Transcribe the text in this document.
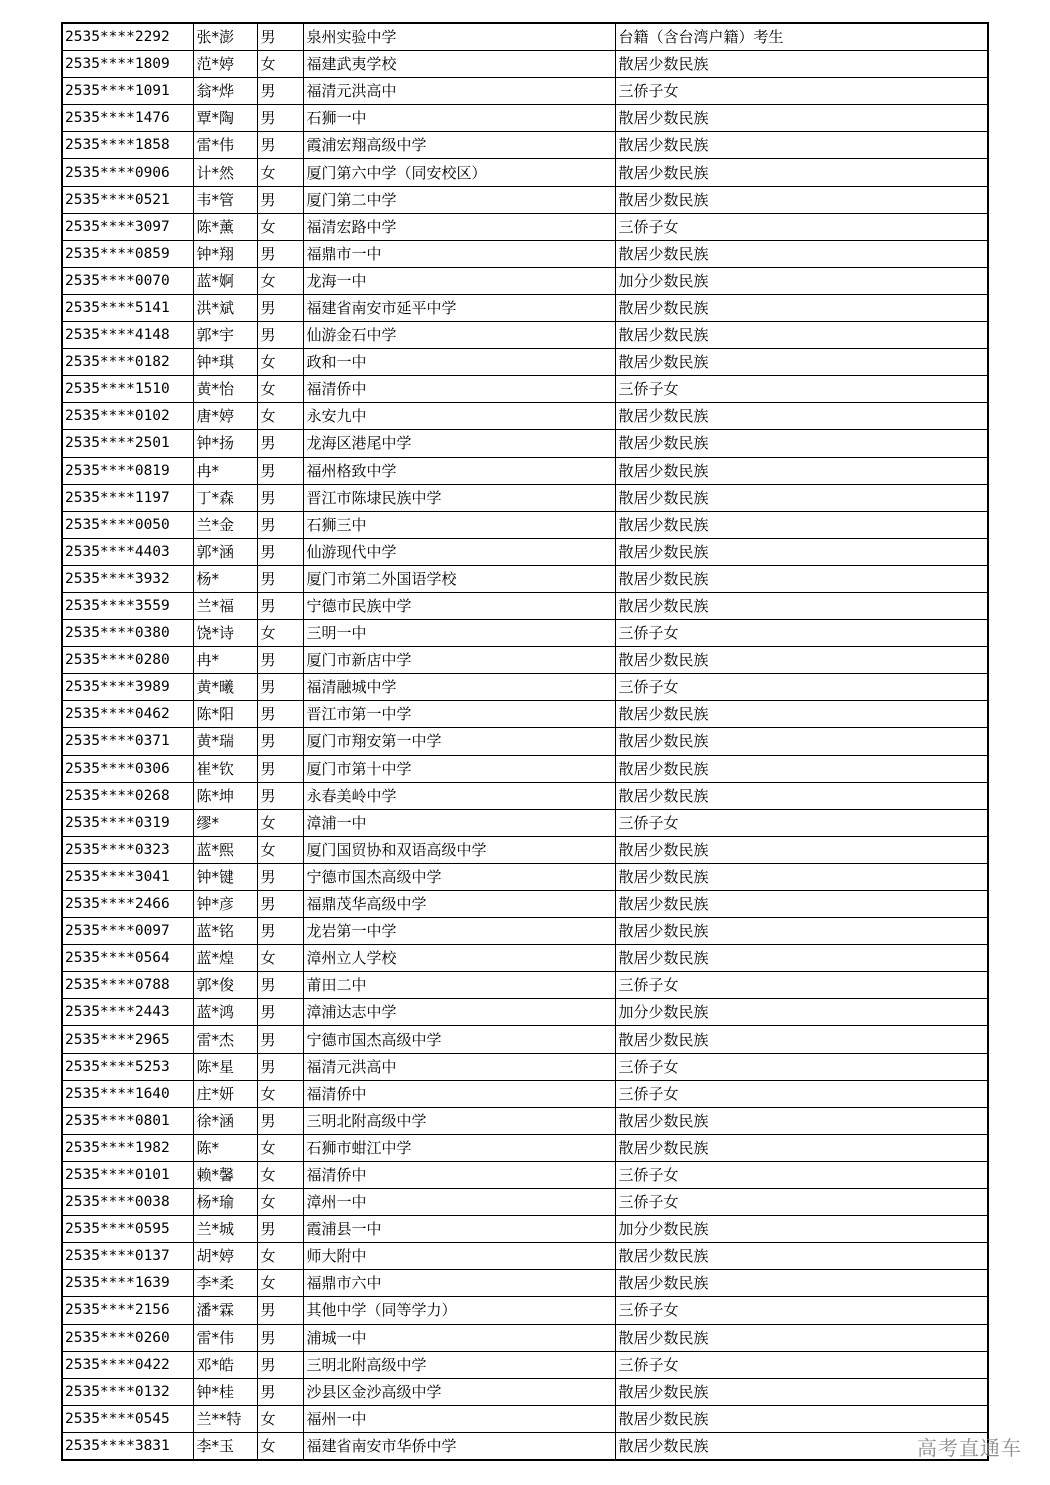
2535****2292	张*澎	男	泉州实验中学	台籍（含台湾户籍）考生
2535****1809	范*婷	女	福建武夷学校	散居少数民族
2535****1091	翁*烨	男	福清元洪高中	三侨子女
2535****1476	覃*陶	男	石狮一中	散居少数民族
2535****1858	雷*伟	男	霞浦宏翔高级中学	散居少数民族
2535****0906	计*然	女	厦门第六中学（同安校区）	散居少数民族
2535****0521	韦*管	男	厦门第二中学	散居少数民族
2535****3097	陈*薰	女	福清宏路中学	三侨子女
2535****0859	钟*翔	男	福鼎市一中	散居少数民族
2535****0070	蓝*婀	女	龙海一中	加分少数民族
2535****5141	洪*斌	男	福建省南安市延平中学	散居少数民族
2535****4148	郭*宇	男	仙游金石中学	散居少数民族
2535****0182	钟*琪	女	政和一中	散居少数民族
2535****1510	黄*怡	女	福清侨中	三侨子女
2535****0102	唐*婷	女	永安九中	散居少数民族
2535****2501	钟*扬	男	龙海区港尾中学	散居少数民族
2535****0819	冉*	男	福州格致中学	散居少数民族
2535****1197	丁*森	男	晋江市陈埭民族中学	散居少数民族
2535****0050	兰*金	男	石狮三中	散居少数民族
2535****4403	郭*涵	男	仙游现代中学	散居少数民族
2535****3932	杨*	男	厦门市第二外国语学校	散居少数民族
2535****3559	兰*福	男	宁德市民族中学	散居少数民族
2535****0380	饶*诗	女	三明一中	三侨子女
2535****0280	冉*	男	厦门市新店中学	散居少数民族
2535****3989	黄*曦	男	福清融城中学	三侨子女
2535****0462	陈*阳	男	晋江市第一中学	散居少数民族
2535****0371	黄*瑞	男	厦门市翔安第一中学	散居少数民族
2535****0306	崔*钦	男	厦门市第十中学	散居少数民族
2535****0268	陈*坤	男	永春美岭中学	散居少数民族
2535****0319	缪*	女	漳浦一中	三侨子女
2535****0323	蓝*熙	女	厦门国贸协和双语高级中学	散居少数民族
2535****3041	钟*键	男	宁德市国杰高级中学	散居少数民族
2535****2466	钟*彦	男	福鼎茂华高级中学	散居少数民族
2535****0097	蓝*铭	男	龙岩第一中学	散居少数民族
2535****0564	蓝*煌	女	漳州立人学校	散居少数民族
2535****0788	郭*俊	男	莆田二中	三侨子女
2535****2443	蓝*鸿	男	漳浦达志中学	加分少数民族
2535****2965	雷*杰	男	宁德市国杰高级中学	散居少数民族
2535****5253	陈*星	男	福清元洪高中	三侨子女
2535****1640	庄*妍	女	福清侨中	三侨子女
2535****0801	徐*涵	男	三明北附高级中学	散居少数民族
2535****1982	陈*	女	石狮市蚶江中学	散居少数民族
2535****0101	赖*馨	女	福清侨中	三侨子女
2535****0038	杨*瑜	女	漳州一中	三侨子女
2535****0595	兰*城	男	霞浦县一中	加分少数民族
2535****0137	胡*婷	女	师大附中	散居少数民族
2535****1639	李*柔	女	福鼎市六中	散居少数民族
2535****2156	潘*霖	男	其他中学（同等学力）	三侨子女
2535****0260	雷*伟	男	浦城一中	散居少数民族
2535****0422	邓*皓	男	三明北附高级中学	三侨子女
2535****0132	钟*桂	男	沙县区金沙高级中学	散居少数民族
2535****0545	兰**特	女	福州一中	散居少数民族
2535****3831	李*玉	女	福建省南安市华侨中学	散居少数民族	高考直通车
